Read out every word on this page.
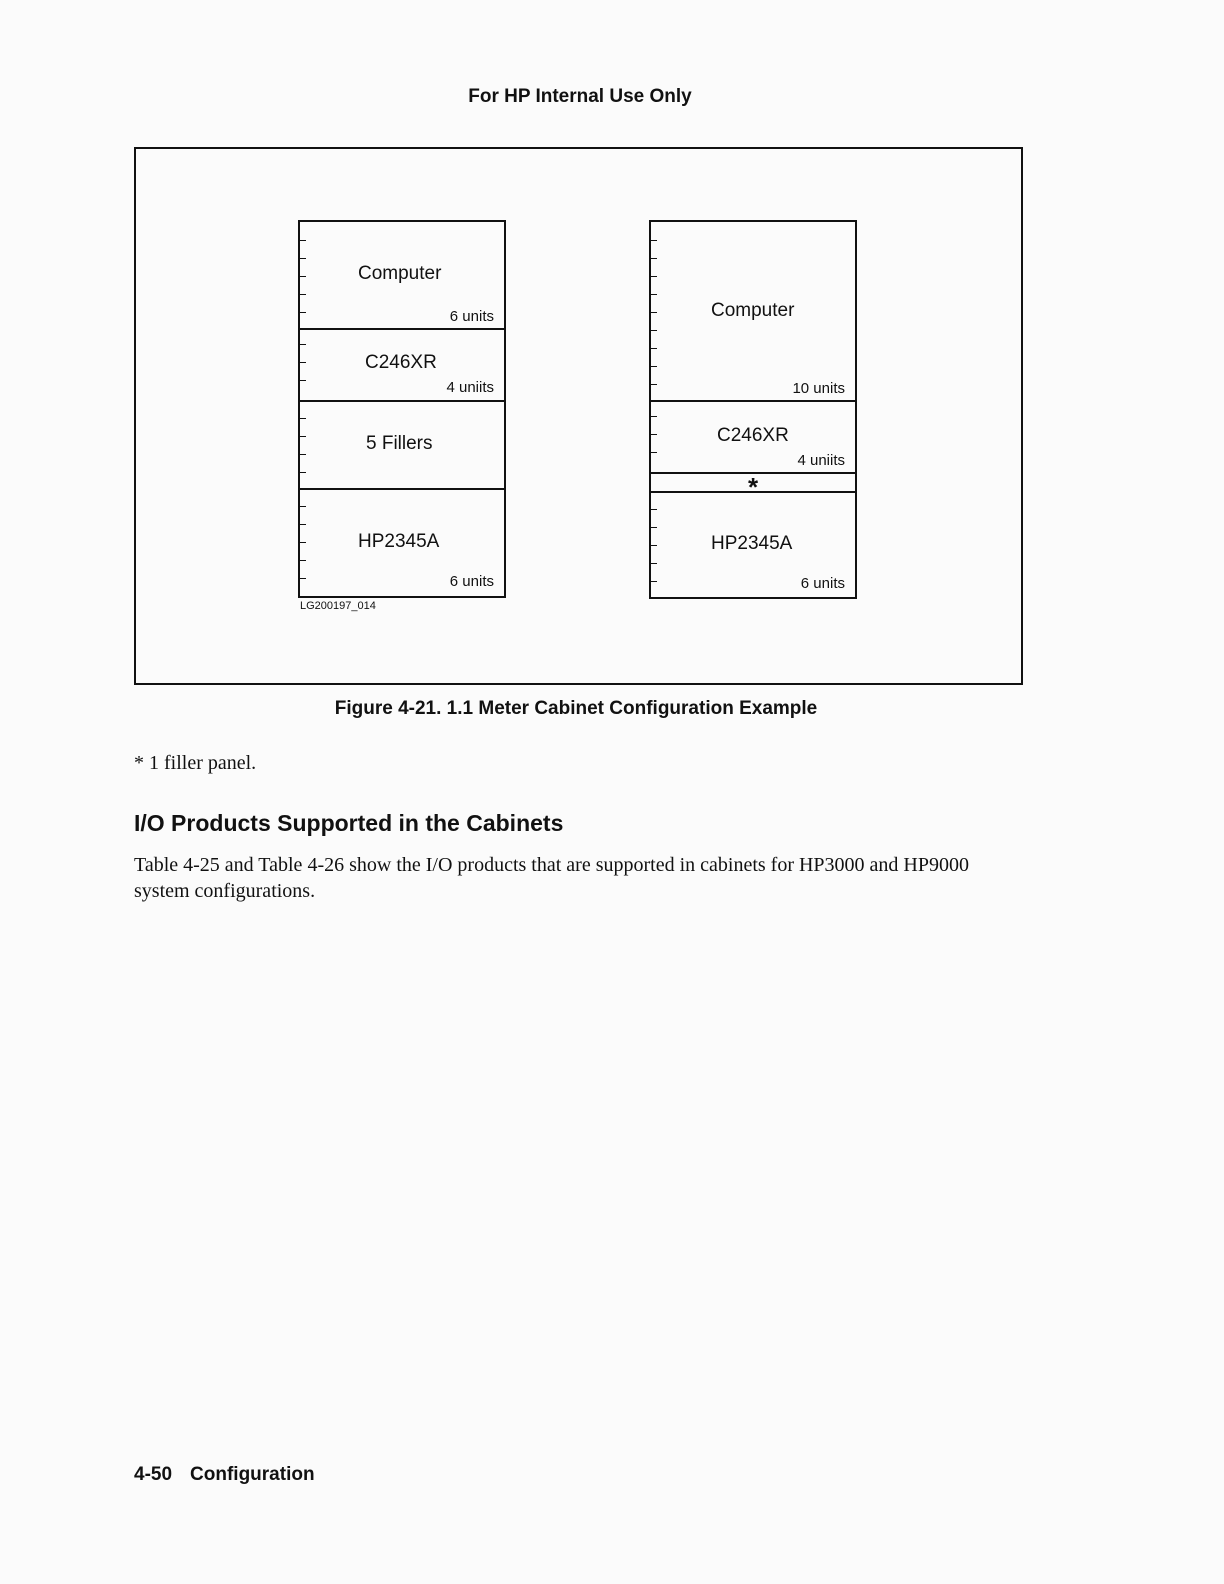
For HP Internal Use Only
Computer
6 units
C246XR
4 uniits
5 Fillers
HP2345A
6 units
LG200197_014
Computer
10 units
C246XR
4 uniits
*
HP2345A
6 units
Figure 4-21. 1.1 Meter Cabinet Configuration Example
* 1 filler panel.
I/O Products Supported in the Cabinets
Table 4-25 and Table 4-26 show the I/O products that are supported in cabinets for HP3000 and HP9000 system configurations.
4-50 Configuration
